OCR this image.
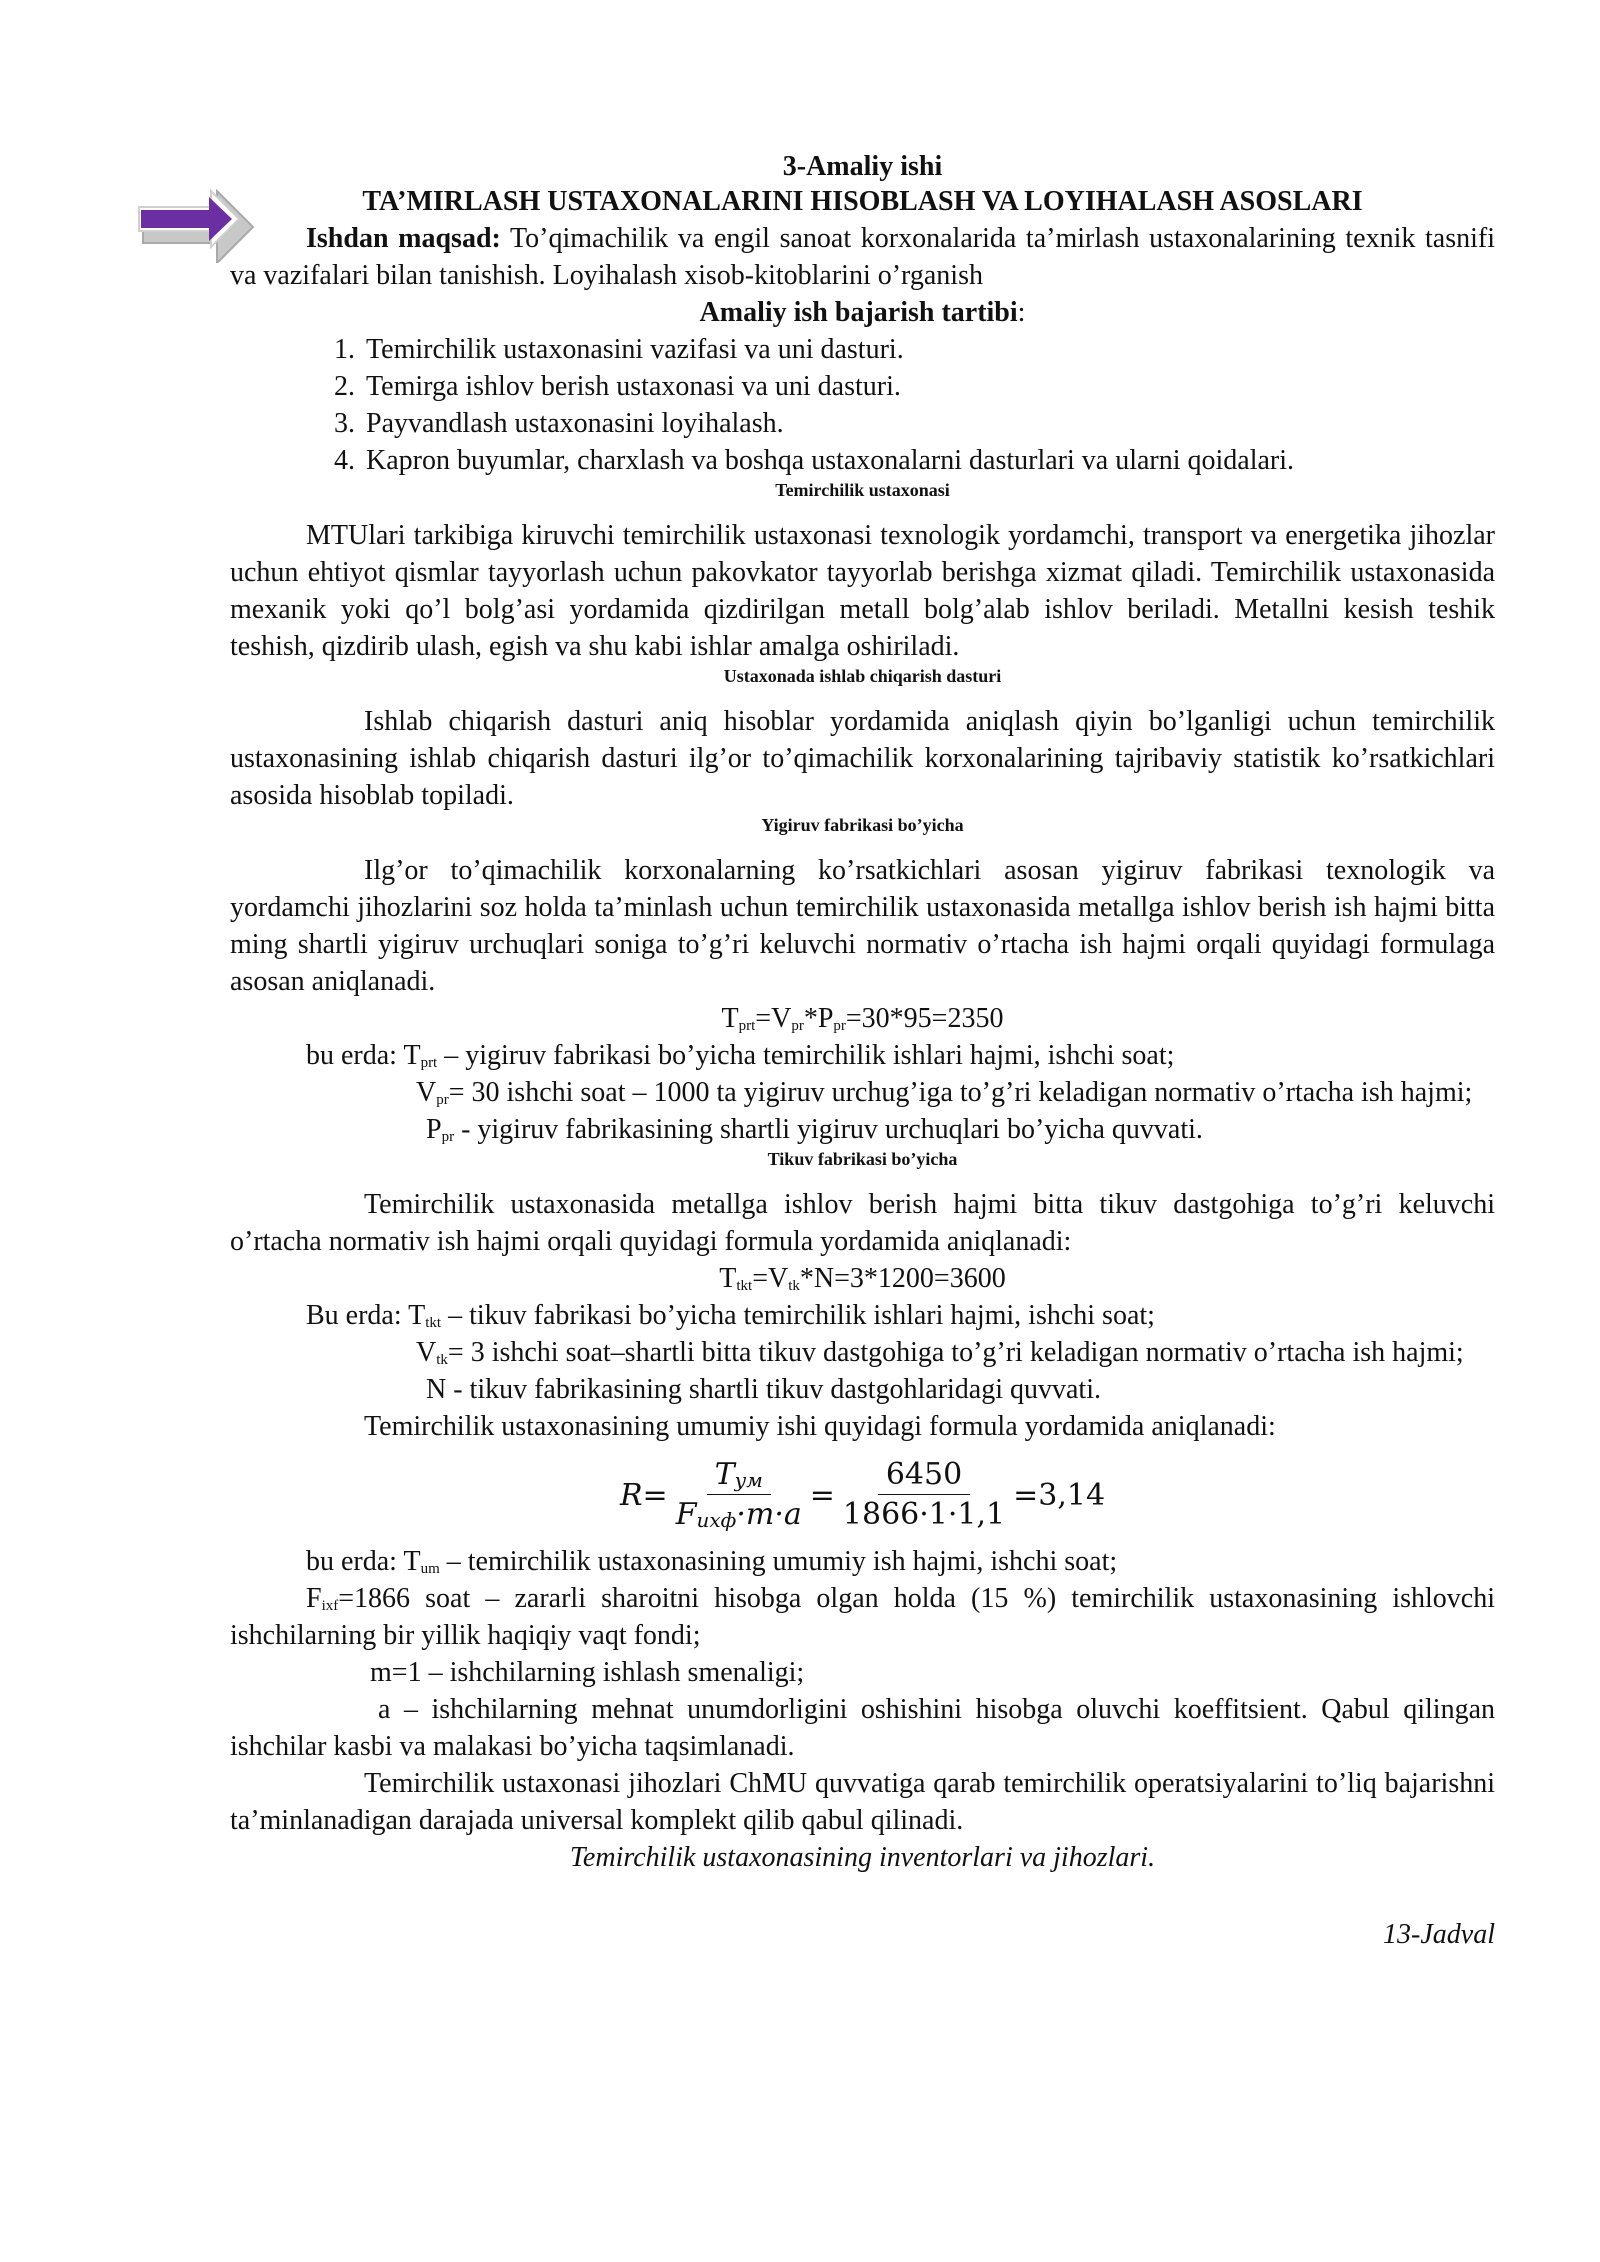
3-Amaliy ishi

TA’MIRLASH USTAXONALARINI HISOBLASH VA LOYIHALASH ASOSLARI

Ishdan maqsad: To’qimachilik va engil sanoat korxonalarida ta’mirlash ustaxonalarining texnik tasnifi va vazifalari bilan tanishish. Loyihalash xisob-kitoblarini o’rganish

Amaliy ish bajarish tartibi:

1. Temirchilik ustaxonasini vazifasi va uni dasturi.
2. Temirga ishlov berish ustaxonasi va uni dasturi.
3. Payvandlash ustaxonasini loyihalash.
4. Kapron buyumlar, charxlash va boshqa ustaxonalarni dasturlari va ularni qoidalari.

Temirchilik ustaxonasi

MTUlari tarkibiga kiruvchi temirchilik ustaxonasi texnologik yordamchi, transport va energetika jihozlar uchun ehtiyot qismlar tayyorlash uchun pakovkator tayyorlab berishga xizmat qiladi. Temirchilik ustaxonasida mexanik yoki qo’l bolg’asi yordamida qizdirilgan metall bolg’alab ishlov beriladi. Metallni kesish teshik teshish, qizdirib ulash, egish va shu kabi ishlar amalga oshiriladi.

Ustaxonada ishlab chiqarish dasturi

Ishlab chiqarish dasturi aniq hisoblar yordamida aniqlash qiyin bo’lganligi uchun temirchilik ustaxonasining ishlab chiqarish dasturi ilg’or to’qimachilik korxonalarining tajribaviy statistik ko’rsatkichlari asosida hisoblab topiladi.

Yigiruv fabrikasi bo’yicha

Ilg’or to’qimachilik korxonalarning ko’rsatkichlari asosan yigiruv fabrikasi texnologik va yordamchi jihozlarini soz holda ta’minlash uchun temirchilik ustaxonasida metallga ishlov berish ish hajmi bitta ming shartli yigiruv urchuqlari soniga to’g’ri keluvchi normativ o’rtacha ish hajmi orqali quyidagi formulaga asosan aniqlanadi.

$T_{prt}=V_{pr}*P_{pr}=30*95=2350$

bu erda: $T_{prt}$ – yigiruv fabrikasi bo’yicha temirchilik ishlari hajmi, ishchi soat;

$V_{pr}= 30$ ishchi soat – 1000 ta yigiruv urchug’iga to’g’ri keladigan normativ o’rtacha ish hajmi;

$P_{pr}$ - yigiruv fabrikasining shartli yigiruv urchuqlari bo’yicha quvvati.

Tikuv fabrikasi bo’yicha

Temirchilik ustaxonasida metallga ishlov berish hajmi bitta tikuv dastgohiga to’g’ri keluvchi o’rtacha normativ ish hajmi orqali quyidagi formula yordamida aniqlanadi:

$T_{tkt}=V_{tk}*N=3*1200=3600$

Bu erda: $T_{tkt}$ – tikuv fabrikasi bo’yicha temirchilik ishlari hajmi, ishchi soat;

$V_{tk}= 3$ ishchi soat–shartli bitta tikuv dastgohiga to’g’ri keladigan normativ o’rtacha ish hajmi;

N - tikuv fabrikasining shartli tikuv dastgohlaridagi quvvati.

Temirchilik ustaxonasining umumiy ishi quyidagi formula yordamida aniqlanadi:

$R = \frac{T_{ум}}{F_{ихф}\cdot m\cdot a} = \frac{6450}{1866\cdot 1\cdot 1,1} =3,14$

bu erda: $T_{um}$ – temirchilik ustaxonasining umumiy ish hajmi, ishchi soat;

$F_{ixf}=1866$ soat – zararli sharoitni hisobga olgan holda (15 %) temirchilik ustaxonasining ishlovchi ishchilarning bir yillik haqiqiy vaqt fondi;

m=1 – ishchilarning ishlash smenaligi;

a – ishchilarning mehnat unumdorligini oshishini hisobga oluvchi koeffitsient. Qabul qilingan ishchilar kasbi va malakasi bo’yicha taqsimlanadi.

Temirchilik ustaxonasi jihozlari ChMU quvvatiga qarab temirchilik operatsiyalarini to’liq bajarishni ta’minlanadigan darajada universal komplekt qilib qabul qilinadi.

Temirchilik ustaxonasining inventorlari va jihozlari.

13-Jadval
